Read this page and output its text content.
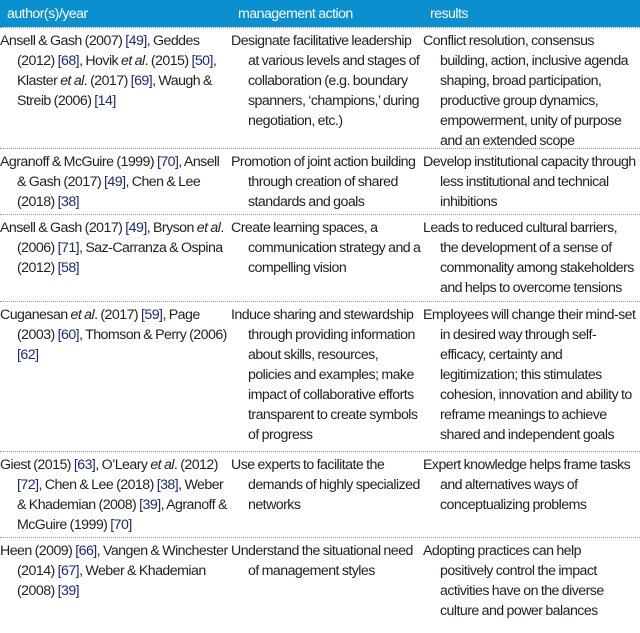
author(s)/year	management action	results
Ansell & Gash (2007) [49], Geddes (2012) [68], Hovik et al. (2015) [50], Klaster et al. (2017) [69], Waugh & Streib (2006) [14]
Designate facilitative leadership at various levels and stages of collaboration (e.g. boundary spanners, ‘champions,’ during negotiation, etc.)
Conflict resolution, consensus building, action, inclusive agenda shaping, broad participation, productive group dynamics, empowerment, unity of purpose and an extended scope
Agranoff & McGuire (1999) [70], Ansell & Gash (2017) [49], Chen & Lee (2018) [38]
Promotion of joint action building through creation of shared standards and goals
Develop institutional capacity through less institutional and technical inhibitions
Ansell & Gash (2017) [49], Bryson et al. (2006) [71], Saz-Carranza & Ospina (2012) [58]
Create learning spaces, a communication strategy and a compelling vision
Leads to reduced cultural barriers, the development of a sense of commonality among stakeholders and helps to overcome tensions
Cuganesan et al. (2017) [59], Page (2003) [60], Thomson & Perry (2006) [62]
Induce sharing and stewardship through providing information about skills, resources, policies and examples; make impact of collaborative efforts transparent to create symbols of progress
Employees will change their mind-set in desired way through self-efficacy, certainty and legitimization; this stimulates cohesion, innovation and ability to reframe meanings to achieve shared and independent goals
Giest (2015) [63], O’Leary et al. (2012) [72], Chen & Lee (2018) [38], Weber & Khademian (2008) [39], Agranoff & McGuire (1999) [70]
Use experts to facilitate the demands of highly specialized networks
Expert knowledge helps frame tasks and alternatives ways of conceptualizing problems
Heen (2009) [66], Vangen & Winchester (2014) [67], Weber & Khademian (2008) [39]
Understand the situational need of management styles
Adopting practices can help positively control the impact activities have on the diverse culture and power balances
